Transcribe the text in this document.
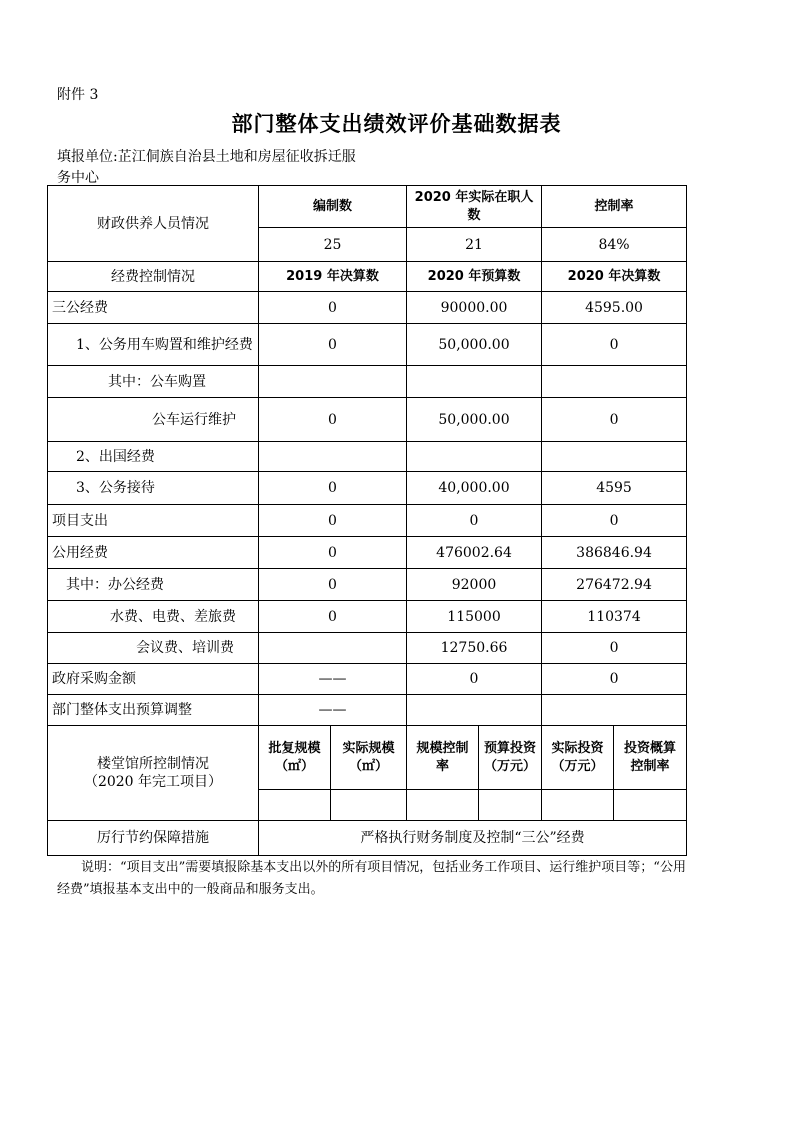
附件 3
部门整体支出绩效评价基础数据表
填报单位:芷江侗族自治县土地和房屋征收拆迁服
务中心
财政供养人员情况	编制数		2020 年实际在职人数		控制率	
	25		21		84%	
经费控制情况	2019 年决算数		2020 年预算数		2020 年决算数	
三公经费	0		90000.00		4595.00	
1、公务用车购置和维护经费	0		50,000.00		0	
其中：公车购置						
公车运行维护	0		50,000.00		0	
2、出国经费						
3、公务接待	0		40,000.00		4595	
项目支出	0		0		0	
公用经费	0		476002.64		386846.94	
其中：办公经费	0		92000		276472.94	
水费、电费、差旅费	0		115000		110374	
会议费、培训费			12750.66		0	
政府采购金额	——		0		0	
部门整体支出预算调整	——					

楼堂馆所控制情况
（2020 年完工项目）	批复规模（㎡）	实际规模（㎡）	规模控制率	预算投资（万元）	实际投资（万元）	投资概算控制率

厉行节约保障措施	严格执行财务制度及控制“三公”经费					
说明：“项目支出”需要填报除基本支出以外的所有项目情况，包括业务工作项目、运行维护项目等；“公用经费”填报基本支出中的一般商品和服务支出。
